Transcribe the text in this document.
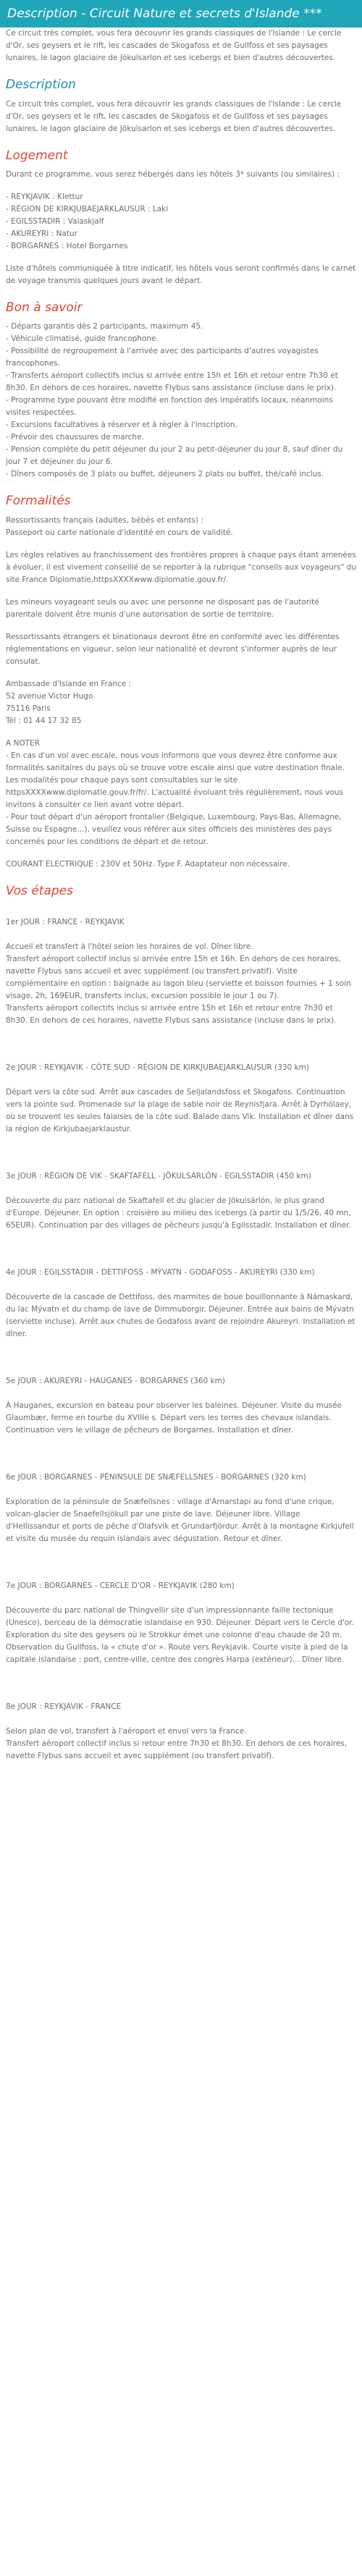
Description - Circuit Nature et secrets d'Islande ***

Ce circuit très complet, vous fera découvrir les grands classiques de l'Islande : Le cercle d'Or, ses geysers et le rift, les cascades de Skogafoss et de Gullfoss et ses paysages lunaires, le lagon glaciaire de Jökulsarlon et ses icebergs et bien d'autres découvertes.

Description

Ce circuit très complet, vous fera découvrir les grands classiques de l'Islande : Le cercle d'Or, ses geysers et le rift, les cascades de Skogafoss et de Gullfoss et ses paysages lunaires, le lagon glaciaire de Jökulsarlon et ses icebergs et bien d'autres découvertes.

Logement

Durant ce programme, vous serez hébergés dans les hôtels 3* suivants (ou similaires) :

- REYKJAVIK : Klettur
- RÉGION DE KIRKJUBAEJARKLAUSUR : Laki
- EGILSSTADIR : Valaskjalf
- AKUREYRI : Natur
- BORGARNES : Hotel Borgarnes

Liste d'hôtels communiquée à titre indicatif, les hôtels vous seront confirmés dans le carnet de voyage transmis quelques jours avant le départ.

Bon à savoir

- Départs garantis dès 2 participants, maximum 45.
- Véhicule climatisé, guide francophone.
- Possibilité de regroupement à l'arrivée avec des participants d'autres voyagistes francophones.
- Transferts aéroport collectifs inclus si arrivée entre 15h et 16h et retour entre 7h30 et 8h30. En dehors de ces horaires, navette Flybus sans assistance (incluse dans le prix).
- Programme type pouvant être modifié en fonction des impératifs locaux, néanmoins visites respectées.
- Excursions facultatives à réserver et à régler à l'inscription.
- Prévoir des chaussures de marche.
- Pension complète du petit déjeuner du jour 2 au petit-déjeuner du jour 8, sauf dîner du jour 7 et déjeuner du jour 6.
- Dîners composés de 3 plats ou buffet, déjeuners 2 plats ou buffet, thé/café inclus.

Formalités

Ressortissants français (adultes, bébés et enfants) :
Passeport ou carte nationale d'identité en cours de validité.

Les règles relatives au franchissement des frontières propres à chaque pays étant amenées à évoluer, il est vivement conseillé de se reporter à la rubrique "conseils aux voyageurs" du site France Diplomatie,httpsXXXXwww.diplomatie.gouv.fr/.

Les mineurs voyageant seuls ou avec une personne ne disposant pas de l'autorité parentale doivent être munis d'une autorisation de sortie de territoire.

Ressortissants étrangers et binationaux devront être en conformité avec les différentes réglementations en vigueur, selon leur nationalité et devront s'informer auprès de leur consulat.

Ambassade d'Islande en France :
52 avenue Victor Hugo
75116 Paris
Tél : 01 44 17 32 85

A NOTER
- En cas d'un vol avec escale, nous vous informons que vous devrez être conforme aux formalités sanitaires du pays où se trouve votre escale ainsi que votre destination finale.
Les modalités pour chaque pays sont consultables sur le site httpsXXXXwww.diplomatie.gouv.fr/fr/. L'actualité évoluant très régulièrement, nous vous invitons à consulter ce lien avant votre départ.
- Pour tout départ d'un aéroport frontalier (Belgique, Luxembourg, Pays-Bas, Allemagne, Suisse ou Espagne...), veuillez vous référer aux sites officiels des ministères des pays concernés pour les conditions de départ et de retour.

COURANT ELECTRIQUE : 230V et 50Hz. Type F. Adaptateur non nécessaire.

Vos étapes

1er JOUR : FRANCE - REYKJAVIK

Accueil et transfert à l'hôtel selon les horaires de vol. Dîner libre.
Transfert aéroport collectif inclus si arrivée entre 15h et 16h. En dehors de ces horaires, navette Flybus sans accueil et avec supplément (ou transfert privatif). Visite complémentaire en option : baignade au lagon bleu (serviette et boisson fournies + 1 soin visage, 2h, 169EUR, transferts inclus, excursion possible le jour 1 ou 7).
Transferts aéroport collectifs inclus si arrivée entre 15h et 16h et retour entre 7h30 et 8h30. En dehors de ces horaires, navette Flybus sans assistance (incluse dans le prix).

2e JOUR : REYKJAVIK - CÔTE SUD - RÉGION DE KIRKJUBAEJARKLAUSUR (330 km)

Départ vers la côte sud. Arrêt aux cascades de Seljalandsfoss et Skogafoss. Continuation vers la pointe sud. Promenade sur la plage de sable noir de Reynisfjara. Arrêt à Dyrhólaey, où se trouvent les seules falaises de la côte sud. Balade dans Vik. Installation et dîner dans la région de Kirkjubaejarklaustur.

3e JOUR : RÉGION DE VIK - SKAFTAFELL - JÖKULSÁRLÓN - EGILSSTADIR (450 km)

Découverte du parc national de Skaftafell et du glacier de Jökulsárlón, le plus grand d'Europe. Déjeuner. En option : croisière au milieu des icebergs (à partir du 1/5/26, 40 mn, 65EUR). Continuation par des villages de pêcheurs jusqu'à Egilsstadir. Installation et dîner.

4e JOUR : EGILSSTADIR - DETTIFOSS - MÝVATN - GODAFOSS - AKUREYRI (330 km)

Découverte de la cascade de Dettifoss, des marmites de boue bouillonnante à Námaskard, du lac Mývatn et du champ de lave de Dimmuborgir. Déjeuner. Entrée aux bains de Mývatn (serviette incluse). Arrêt aux chutes de Godafoss avant de rejoindre Akureyri. Installation et dîner.

5e JOUR : AKUREYRI - HAUGANES - BORGARNES (360 km)

À Hauganes, excursion en bateau pour observer les baleines. Déjeuner. Visite du musée Glaumbær, ferme en tourbe du XVIIIe s. Départ vers les terres des chevaux islandais. Continuation vers le village de pêcheurs de Borgarnes. Installation et dîner.

6e JOUR : BORGARNES - PÉNINSULE DE SNÆFELLSNES - BORGARNES (320 km)

Exploration de la péninsule de Snæfellsnes : village d'Arnarstapi au fond d'une crique, volcan-glacier de Snaefellsjökull par une piste de lave. Déjeuner libre. Village d'Hellissandur et ports de pêche d'Olafsvík et Grundarfjördur. Arrêt à la montagne Kirkjufell et visite du musée du requin islandais avec dégustation. Retour et dîner.

7e JOUR : BORGARNES - CERCLE D'OR - REYKJAVIK (280 km)

Découverte du parc national de Thingvellir site d'un impressionnante faille tectonique (Unesco), berceau de la démocratie islandaise en 930. Déjeuner. Départ vers le Cercle d'or. Exploration du site des geysers où le Strokkur émet une colonne d'eau chaude de 20 m. Observation du Gullfoss, la « chute d'or ». Route vers Reykjavik. Courte visite à pied de la capitale islandaise : port, centre-ville, centre des congrès Harpa (extérieur)... Dîner libre.

8e JOUR : REYKJAVIK - FRANCE

Selon plan de vol, transfert à l'aéroport et envol vers la France.
Transfert aéroport collectif inclus si retour entre 7h30 et 8h30. En dehors de ces horaires, navette Flybus sans accueil et avec supplément (ou transfert privatif).
